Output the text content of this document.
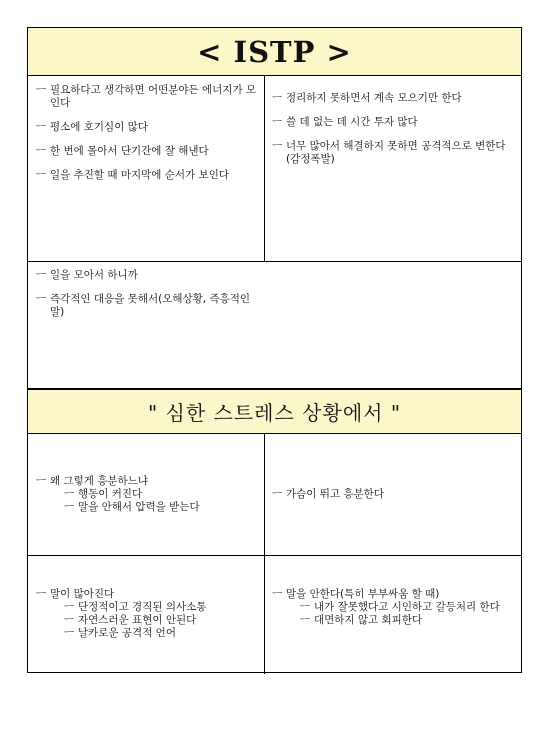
< ISTP >
ㅡ 필요하다고 생각하면 어떤분야든 에너지가 모인다
ㅡ 평소에 호기심이 많다
ㅡ 한 번에 몰아서 단기간에 잘 해낸다
ㅡ 일을 추진할 때 마지막에 순서가 보인다
ㅡ 정리하지 못하면서 계속 모으기만 한다
ㅡ 쓸 데 없는 데 시간 투자 많다
ㅡ 너무 많아서 해결하지 못하면 공격적으로 변한다 (감정폭발)
ㅡ 일을 모아서 하니까
ㅡ 즉각적인 대응을 못해서(오해상황, 즉흥적인 말)
" 심한 스트레스 상황에서 "
ㅡ 왜 그렇게 흥분하느냐
ㅡ 행동이 커진다
ㅡ 말을 안해서 압력을 받는다
ㅡ 가슴이 뛰고 흥분한다
ㅡ 말이 많아진다
ㅡ 단정적이고 경직된 의사소통
ㅡ 자연스러운 표현이 안된다
ㅡ 날카로운 공격적 언어
ㅡ 말을 안한다(특히 부부싸움 할 때)
ㅡ 내가 잘못했다고 시인하고 갈등처리 한다
ㅡ 대면하지 않고 회피한다
